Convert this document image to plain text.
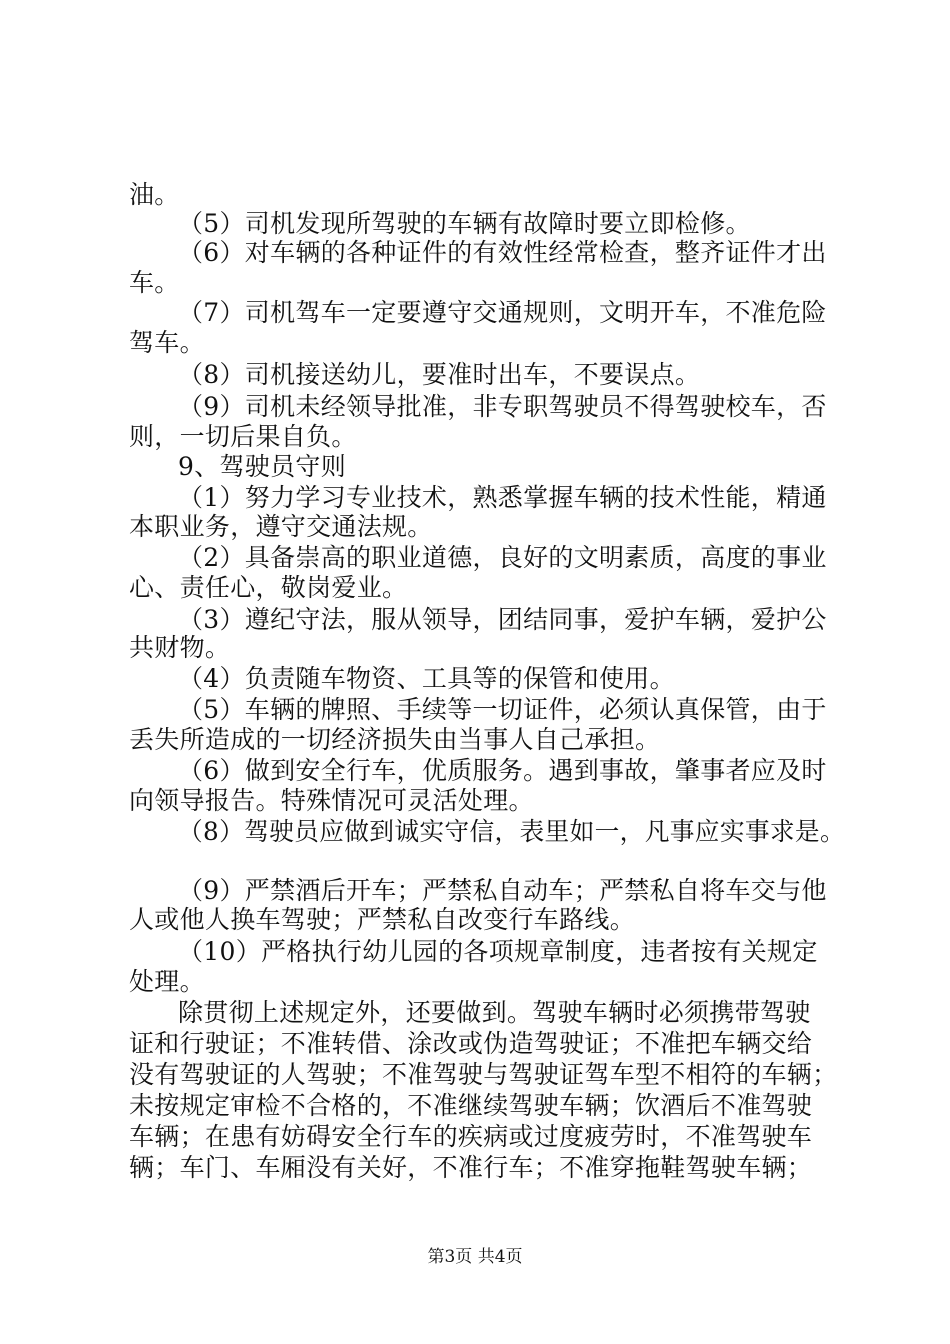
油。
（5）司机发现所驾驶的车辆有故障时要立即检修。
（6）对车辆的各种证件的有效性经常检查，整齐证件才出
车。
（7）司机驾车一定要遵守交通规则，文明开车，不准危险
驾车。
（8）司机接送幼儿，要准时出车，不要误点。
（9）司机未经领导批准，非专职驾驶员不得驾驶校车，否
则，一切后果自负。
9、驾驶员守则
（1）努力学习专业技术，熟悉掌握车辆的技术性能，精通
本职业务，遵守交通法规。
（2）具备崇高的职业道德，良好的文明素质，高度的事业
心、责任心，敬岗爱业。
（3）遵纪守法，服从领导，团结同事，爱护车辆，爱护公
共财物。
（4）负责随车物资、工具等的保管和使用。
（5）车辆的牌照、手续等一切证件，必须认真保管，由于
丢失所造成的一切经济损失由当事人自己承担。
（6）做到安全行车，优质服务。遇到事故，肇事者应及时
向领导报告。特殊情况可灵活处理。
（8）驾驶员应做到诚实守信，表里如一，凡事应实事求是。
（9）严禁酒后开车；严禁私自动车；严禁私自将车交与他
人或他人换车驾驶；严禁私自改变行车路线。
（10）严格执行幼儿园的各项规章制度，违者按有关规定
处理。
除贯彻上述规定外，还要做到。驾驶车辆时必须携带驾驶
证和行驶证；不准转借、涂改或伪造驾驶证；不准把车辆交给
没有驾驶证的人驾驶；不准驾驶与驾驶证驾车型不相符的车辆；
未按规定审检不合格的，不准继续驾驶车辆；饮酒后不准驾驶
车辆；在患有妨碍安全行车的疾病或过度疲劳时，不准驾驶车
辆；车门、车厢没有关好，不准行车；不准穿拖鞋驾驶车辆；
第3页 共4页
